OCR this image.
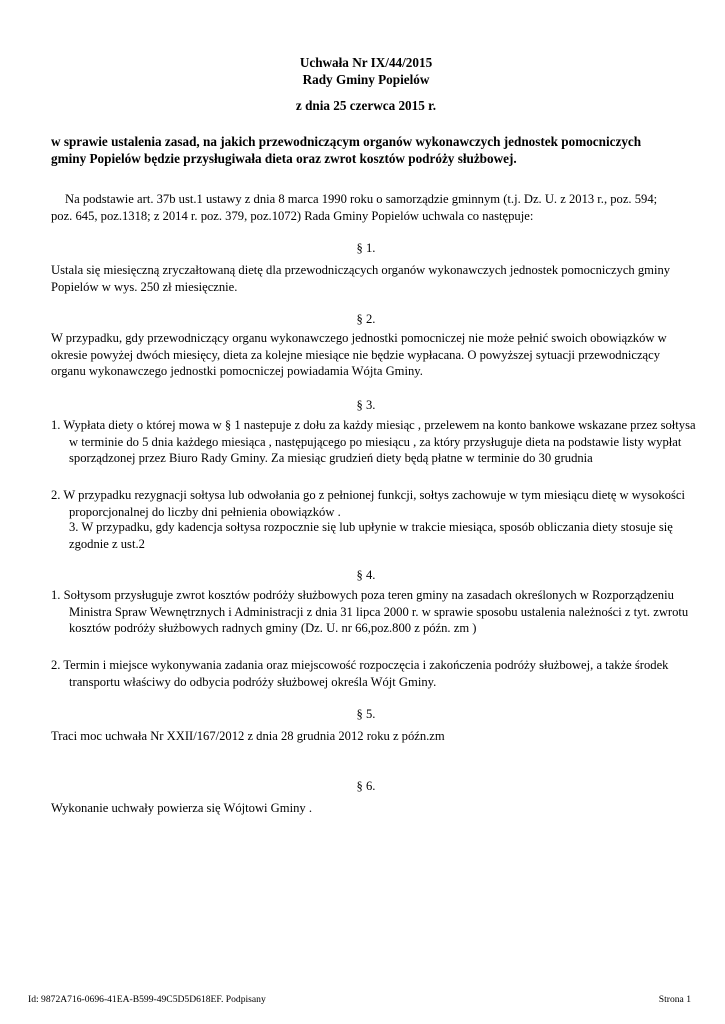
Uchwała Nr IX/44/2015
Rady Gminy Popielów
z dnia 25 czerwca 2015 r.
w sprawie ustalenia zasad, na jakich przewodniczącym organów wykonawczych jednostek pomocniczych gminy Popielów będzie przysługiwała dieta oraz zwrot kosztów podróży służbowej.
Na podstawie art. 37b ust.1 ustawy z dnia 8 marca 1990 roku o samorządzie gminnym (t.j. Dz. U. z 2013 r., poz. 594; poz. 645, poz.1318; z 2014 r. poz. 379, poz.1072) Rada Gminy Popielów uchwala co następuje:
§ 1.
Ustala się miesięczną zryczałtowaną dietę dla przewodniczących organów wykonawczych jednostek pomocniczych gminy Popielów w wys. 250 zł miesięcznie.
§ 2.
W przypadku, gdy przewodniczący organu wykonawczego jednostki pomocniczej nie może pełnić swoich obowiązków w okresie powyżej dwóch miesięcy, dieta za kolejne miesiące nie będzie wypłacana. O powyższej sytuacji przewodniczący organu wykonawczego jednostki pomocniczej powiadamia Wójta Gminy.
§ 3.
1. Wypłata diety o której mowa w § 1 nastepuje z dołu za każdy miesiąc , przelewem na konto bankowe wskazane przez sołtysa w terminie do 5 dnia każdego miesiąca , następującego po miesiącu , za który przysługuje dieta na podstawie listy wypłat sporządzonej przez Biuro Rady Gminy. Za miesiąc grudzień diety będą płatne w terminie do 30 grudnia
2. W przypadku rezygnacji sołtysa lub odwołania go z pełnionej funkcji, sołtys zachowuje w tym miesiącu dietę w wysokości proporcjonalnej do liczby dni pełnienia obowiązków .
3. W przypadku, gdy kadencja sołtysa rozpocznie się lub upłynie w trakcie miesiąca, sposób obliczania diety stosuje się zgodnie z ust.2
§ 4.
1. Sołtysom przysługuje zwrot kosztów podróży służbowych poza teren gminy na zasadach określonych w Rozporządzeniu Ministra Spraw Wewnętrznych i Administracji z dnia 31 lipca 2000 r. w sprawie sposobu ustalenia należności z tyt. zwrotu kosztów podróży służbowych radnych gminy (Dz. U. nr 66,poz.800 z późn. zm )
2. Termin i miejsce wykonywania zadania oraz miejscowość rozpoczęcia i zakończenia podróży służbowej, a także środek transportu właściwy do odbycia podróży służbowej określa Wójt Gminy.
§ 5.
Traci moc uchwała Nr XXII/167/2012 z dnia 28 grudnia 2012 roku z późn.zm
§ 6.
Wykonanie uchwały powierza się Wójtowi Gminy .
Id: 9872A716-0696-41EA-B599-49C5D5D618EF. Podpisany	Strona 1
